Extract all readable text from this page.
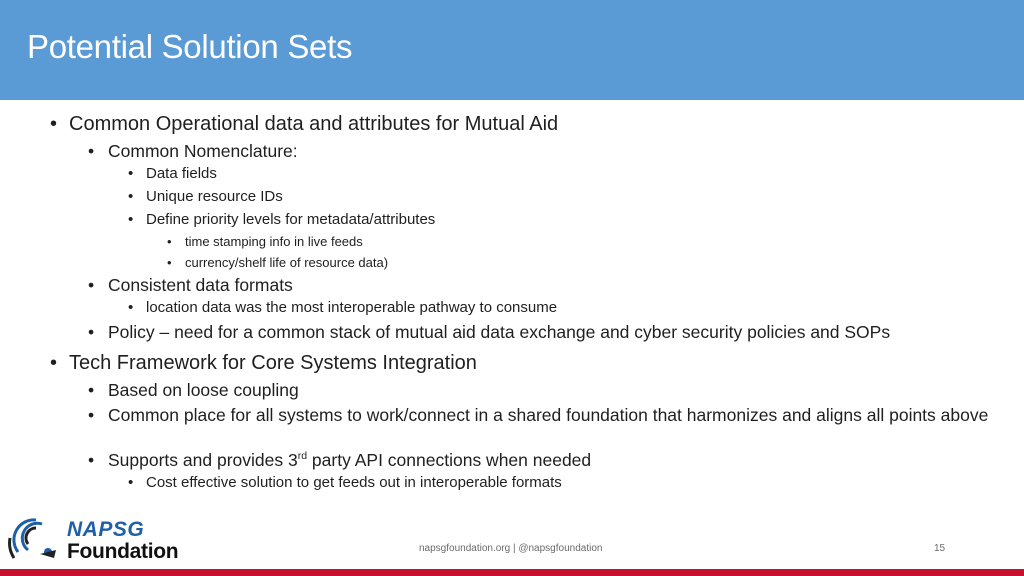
Potential Solution Sets
• Common Operational data and attributes for Mutual Aid
• Common Nomenclature:
• Data fields
• Unique resource IDs
• Define priority levels for metadata/attributes
• time stamping info in live feeds
• currency/shelf life of resource data)
• Consistent data formats
• location data was the most interoperable pathway to consume
• Policy – need for a common stack of mutual aid data exchange and cyber security policies and SOPs
• Tech Framework for Core Systems Integration
• Based on loose coupling
• Common place for all systems to work/connect in a shared foundation that harmonizes and aligns all points above
• Supports and provides 3rd party API connections when needed
• Cost effective solution to get feeds out in interoperable formats
NAPSG
Foundation	napsgfoundation.org | @napsgfoundation	15
